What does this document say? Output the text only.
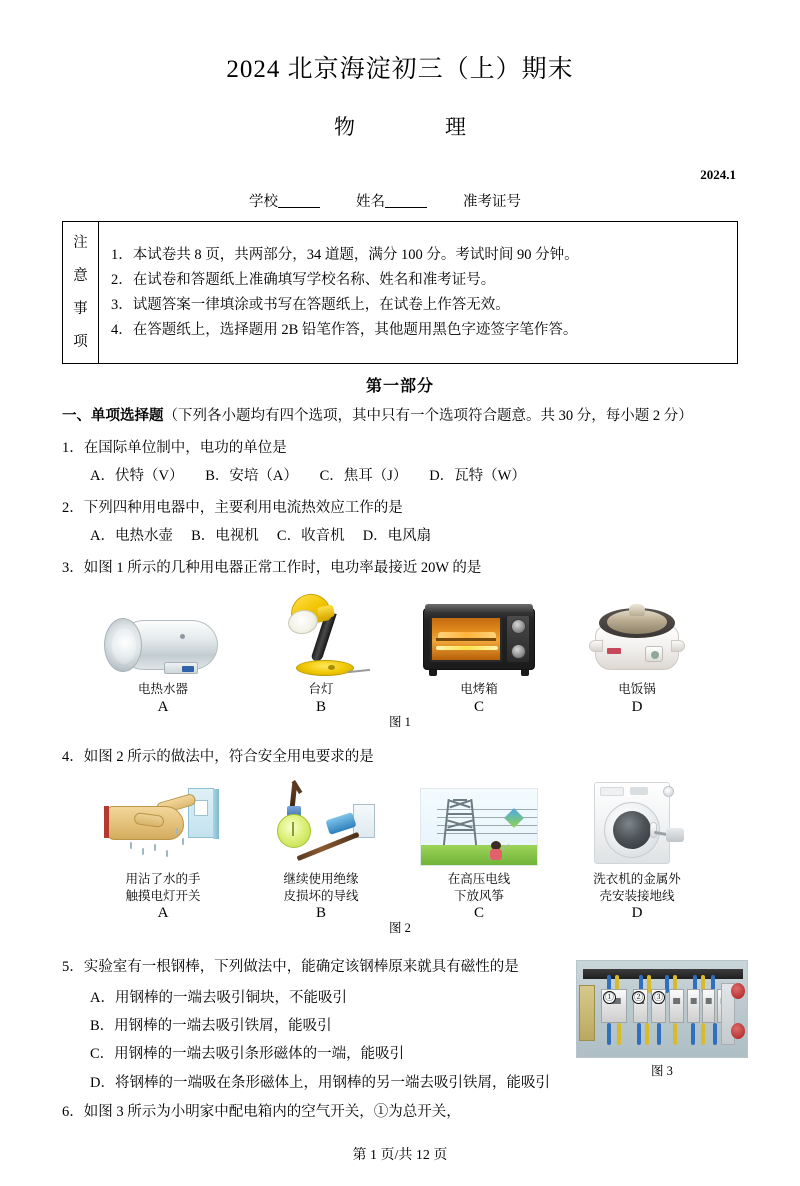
2024 北京海淀初三（上）期末
物　　理
2024.1
学校	姓名	准考证号
注
意
事
项
1．本试卷共 8 页，共两部分，34 道题，满分 100 分。考试时间 90 分钟。
2．在试卷和答题纸上准确填写学校名称、姓名和准考证号。
3．试题答案一律填涂或书写在答题纸上，在试卷上作答无效。
4．在答题纸上，选择题用 2B 铅笔作答，其他题用黑色字迹签字笔作答。
第一部分
一、单项选择题（下列各小题均有四个选项，其中只有一个选项符合题意。共 30 分，每小题 2 分）
1．在国际单位制中，电功的单位是
A．伏特（V） B．安培（A） C．焦耳（J） D．瓦特（W）
2．下列四种用电器中，主要利用电流热效应工作的是
A．电热水壶 B．电视机 C．收音机 D．电风扇
3．如图 1 所示的几种用电器正常工作时，电功率最接近 20W 的是
电热水器
A
台灯
B
电烤箱
C
电饭锅
D
图 1
4．如图 2 所示的做法中，符合安全用电要求的是
用沾了水的手
触摸电灯开关
A
继续使用绝缘
皮损坏的导线
B
在高压电线
下放风筝
C
洗衣机的金属外
壳安装接地线
D
图 2
5．实验室有一根钢棒，下列做法中，能确定该钢棒原来就具有磁性的是
A．用钢棒的一端去吸引铜块，不能吸引
B．用钢棒的一端去吸引铁屑，能吸引
C．用钢棒的一端去吸引条形磁体的一端，能吸引
D．将钢棒的一端吸在条形磁体上，用钢棒的另一端去吸引铁屑，能吸引
6．如图 3 所示为小明家中配电箱内的空气开关，①为总开关，
① ② ③
图 3
第 1 页/共 12 页
